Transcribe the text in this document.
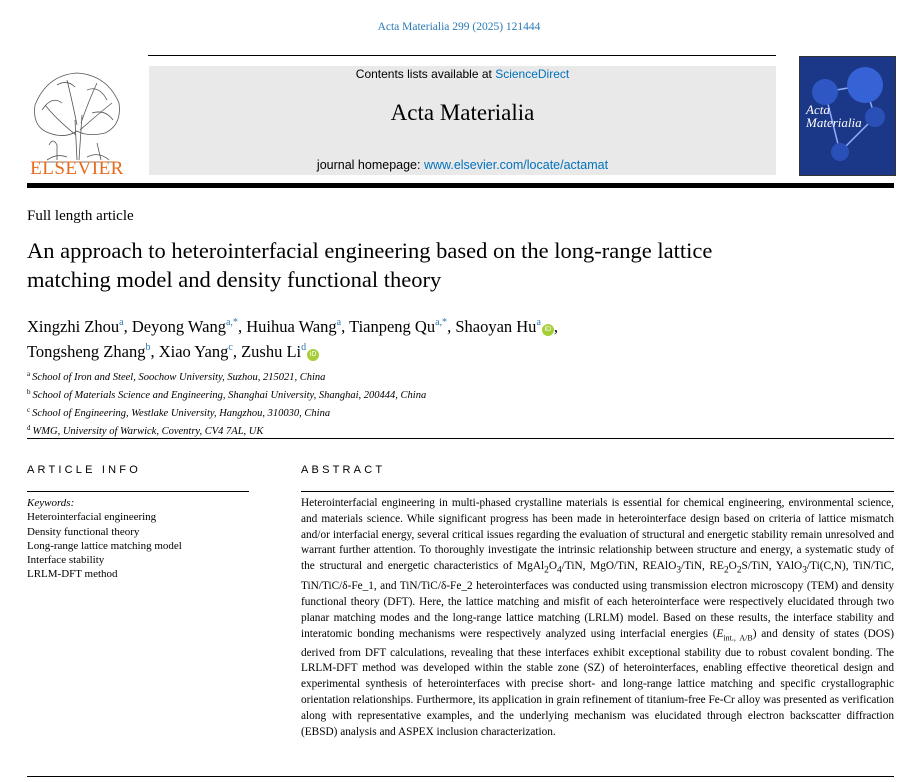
Acta Materialia 299 (2025) 121444
ELSEVIER
Contents lists available at ScienceDirect
Acta Materialia
journal homepage: www.elsevier.com/locate/actamat
Acta
Materialia
Full length article
An approach to heterointerfacial engineering based on the long-range lattice matching model and density functional theory
Xingzhi Zhou$^a$, Deyong Wang$^{a,*}$, Huihua Wang$^a$, Tianpeng $Qu^{a,*}$, Shaoyan Hu$^a$iD ,
Tongsheng Zhang$^b$, Xiao Yang$^c$, Zushu Li$^d$iD
$^a$ School of Iron and Steel, Soochow University, Suzhou, 215021, China
$^b$ School of Materials Science and Engineering, Shanghai University, Shanghai, 200444, China
$^c$ School of Engineering, Westlake University, Hangzhou, 310030, China
$^d$ WMG, University of Warwick, Coventry, CV4 7AL, UK
ARTICLE INFO	ABSTRACT
Keywords:
Heterointerfacial engineering
Density functional theory
Long-range lattice matching model
Interface stability
LRLM-DFT method
Heterointerfacial engineering in multi-phased crystalline materials is essential for chemical engineering, environmental science, and materials science. While significant progress has been made in heterointerface design based on criteria of lattice mismatch and/or interfacial energy, several critical issues regarding the evaluation of structural and energetic stability remain unresolved and warrant further attention. To thoroughly investigate the intrinsic relationship between structure and energy, a systematic study of the structural and energetic characteristics of $MgAl_2O_4$/TiN, MgO/TiN, REAlO$_3$/TiN, $RE_2O_2S$/TiN, YAlO$_3$/Ti(C,N), TiN/TiC, TiN/TiC/δ-Fe_1, and TiN/TiC/δ-Fe_2 heterointerfaces was conducted using transmission electron microscopy (TEM) and density functional theory (DFT). Here, the lattice matching and misfit of each heterointerface were respectively elucidated through two planar matching modes and the long-range lattice matching (LRLM) model. Based on these results, the interface stability and interatomic bonding mechanisms were respectively analyzed using interfacial energies $(E_{int., A/B})$ and density of states (DOS) derived from DFT calculations, revealing that these interfaces exhibit exceptional stability due to robust covalent bonding. The LRLM-DFT method was developed within the stable zone (SZ) of heterointerfaces, enabling effective theoretical design and experimental synthesis of heterointerfaces with precise short- and long-range lattice matching and specific crystallographic orientation relationships. Furthermore, its application in grain refinement of titanium-free Fe-Cr alloy was presented as verification along with representative examples, and the underlying mechanism was elucidated through electron backscatter diffraction (EBSD) analysis and ASPEX inclusion characterization.
